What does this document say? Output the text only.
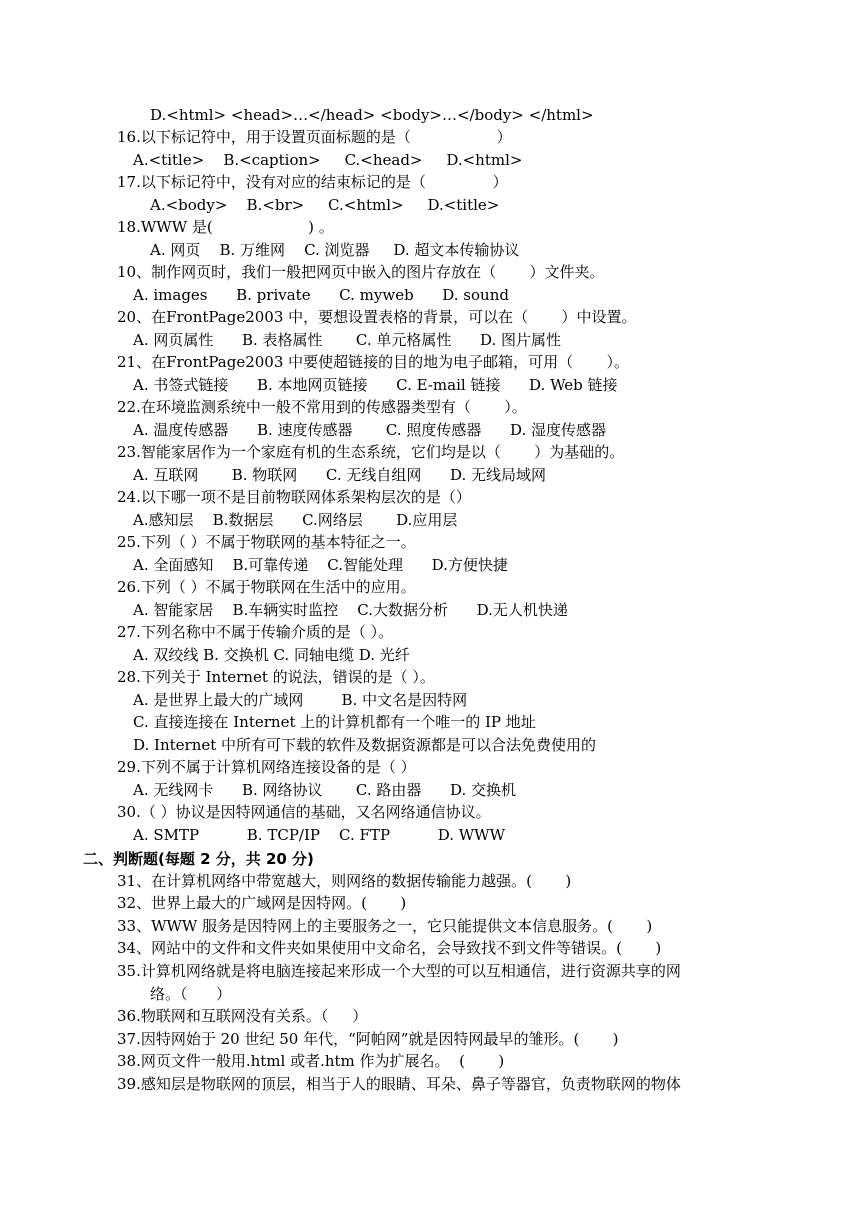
D.<html> <head>…</head> <body>…</body> </html>
16.以下标记符中，用于设置页面标题的是（                  ）
A.<title>    B.<caption>     C.<head>     D.<html>
17.以下标记符中，没有对应的结束标记的是（              ）
A.<body>    B.<br>     C.<html>     D.<title>
18.WWW 是(                    ) 。
A. 网页    B. 万维网    C. 浏览器     D. 超文本传输协议
10、制作网页时，我们一般把网页中嵌入的图片存放在（       ）文件夹。
A. images      B. private      C. myweb      D. sound
20、在FrontPage2003 中，要想设置表格的背景，可以在（       ）中设置。
A. 网页属性      B. 表格属性       C. 单元格属性      D. 图片属性
21、在FrontPage2003 中要使超链接的目的地为电子邮箱，可用（       ）。
A. 书签式链接      B. 本地网页链接      C. E-mail 链接      D. Web 链接
22.在环境监测系统中一般不常用到的传感器类型有（       ）。
A. 温度传感器      B. 速度传感器       C. 照度传感器      D. 湿度传感器
23.智能家居作为一个家庭有机的生态系统，它们均是以（       ）为基础的。
A. 互联网       B. 物联网      C. 无线自组网      D. 无线局域网
24.以下哪一项不是目前物联网体系架构层次的是（）
A.感知层    B.数据层      C.网络层       D.应用层
25.下列（ ）不属于物联网的基本特征之一。
A. 全面感知    B.可靠传递    C.智能处理      D.方便快捷
26.下列（ ）不属于物联网在生活中的应用。
A. 智能家居    B.车辆实时监控    C.大数据分析      D.无人机快递
27.下列名称中不属于传输介质的是（ ）。
A. 双绞线 B. 交换机 C. 同轴电缆 D. 光纤
28.下列关于 Internet 的说法，错误的是（ ）。
A. 是世界上最大的广域网        B. 中文名是因特网
C. 直接连接在 Internet 上的计算机都有一个唯一的 IP 地址
D. Internet 中所有可下载的软件及数据资源都是可以合法免费使用的
29.下列不属于计算机网络连接设备的是（ ）
A. 无线网卡      B. 网络协议       C. 路由器      D. 交换机
30.（ ）协议是因特网通信的基础，又名网络通信协议。
A. SMTP          B. TCP/IP    C. FTP          D. WWW
二、判断题(每题 2 分，共 20 分)
31、在计算机网络中带宽越大，则网络的数据传输能力越强。(       )
32、世界上最大的广域网是因特网。(       )
33、WWW 服务是因特网上的主要服务之一，它只能提供文本信息服务。(       )
34、网站中的文件和文件夹如果使用中文命名，会导致找不到文件等错误。(       )
35.计算机网络就是将电脑连接起来形成一个大型的可以互相通信，进行资源共享的网
络。（      ）
36.物联网和互联网没有关系。（     ）
37.因特网始于 20 世纪 50 年代，“阿帕网”就是因特网最早的雏形。(       )
38.网页文件一般用.html 或者.htm 作为扩展名。  (       )
39.感知层是物联网的顶层，相当于人的眼睛、耳朵、鼻子等器官，负责物联网的物体
